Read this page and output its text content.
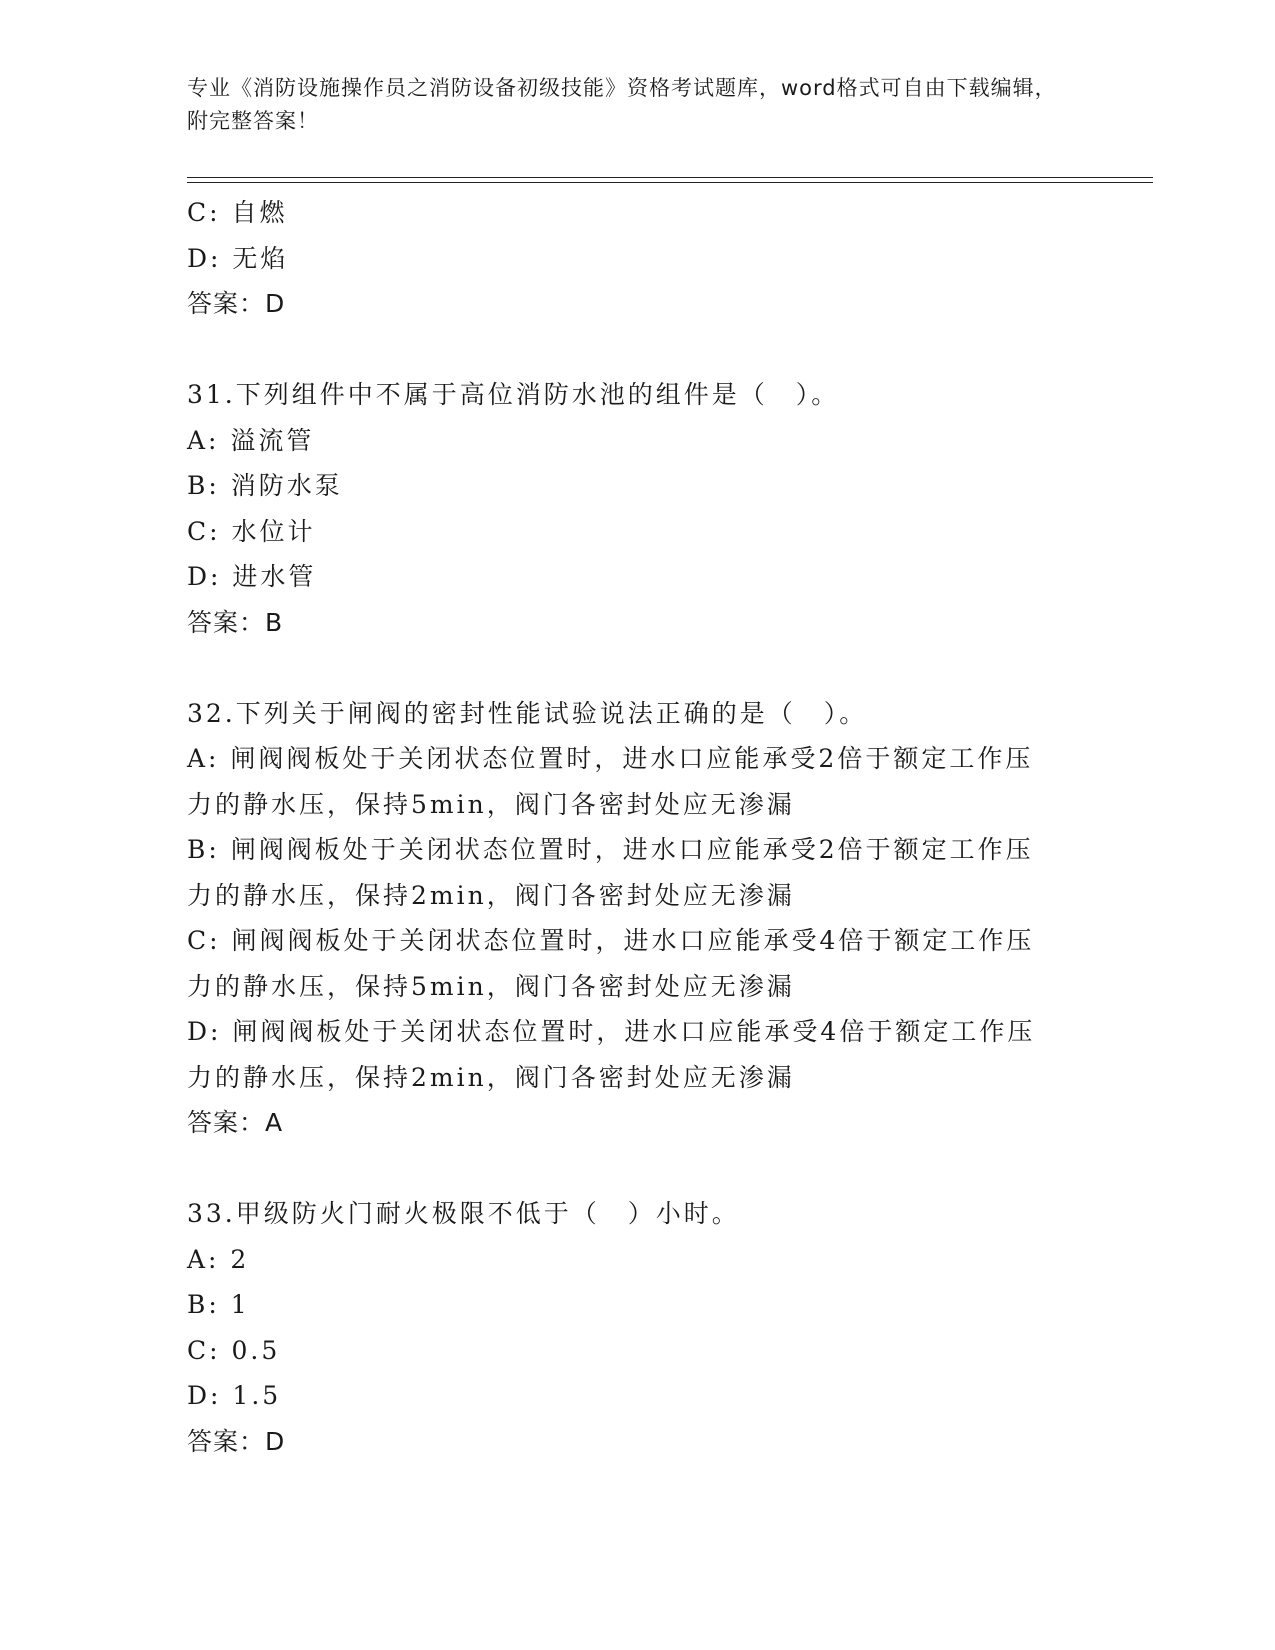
专业《消防设施操作员之消防设备初级技能》资格考试题库，word格式可自由下载编辑，附完整答案！
C: 自燃
D: 无焰
答案：D
31.下列组件中不属于高位消防水池的组件是（　）。
A: 溢流管
B: 消防水泵
C: 水位计
D: 进水管
答案：B
32.下列关于闸阀的密封性能试验说法正确的是（　）。
A: 闸阀阀板处于关闭状态位置时，进水口应能承受2倍于额定工作压
力的静水压，保持5min，阀门各密封处应无渗漏
B: 闸阀阀板处于关闭状态位置时，进水口应能承受2倍于额定工作压
力的静水压，保持2min，阀门各密封处应无渗漏
C: 闸阀阀板处于关闭状态位置时，进水口应能承受4倍于额定工作压
力的静水压，保持5min，阀门各密封处应无渗漏
D: 闸阀阀板处于关闭状态位置时，进水口应能承受4倍于额定工作压
力的静水压，保持2min，阀门各密封处应无渗漏
答案：A
33.甲级防火门耐火极限不低于（　）小时。
A: 2
B: 1
C: 0.5
D: 1.5
答案：D
